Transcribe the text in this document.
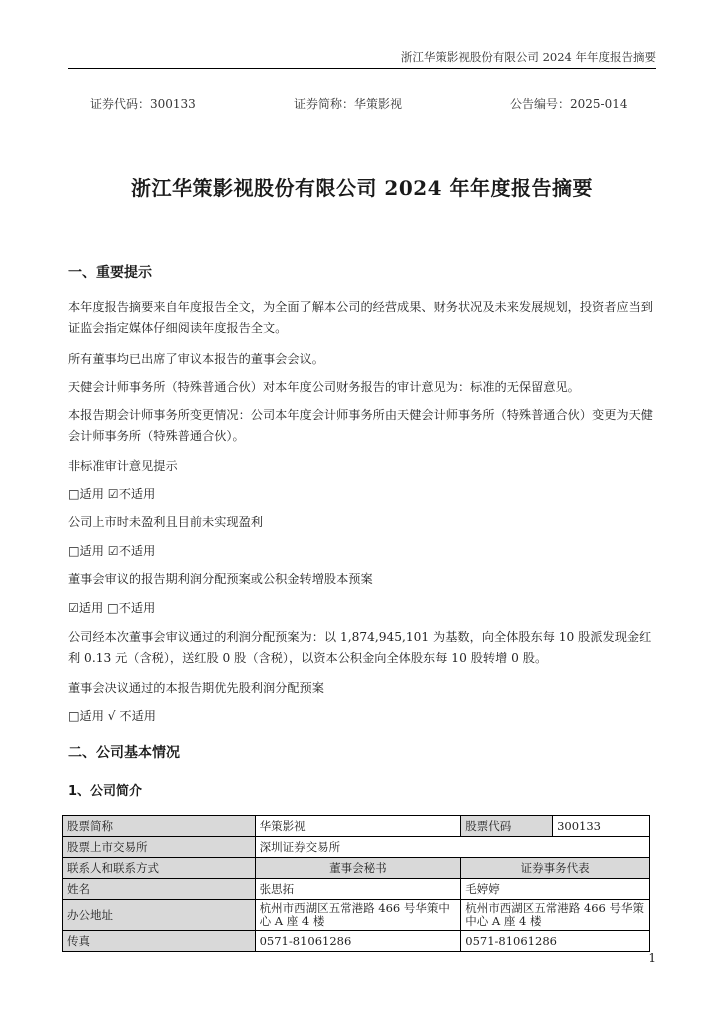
浙江华策影视股份有限公司 2024 年年度报告摘要
证券代码：300133	证券简称：华策影视	公告编号：2025-014
浙江华策影视股份有限公司 2024 年年度报告摘要
一、重要提示
本年度报告摘要来自年度报告全文，为全面了解本公司的经营成果、财务状况及未来发展规划，投资者应当到证监会指定媒体仔细阅读年度报告全文。
所有董事均已出席了审议本报告的董事会会议。
天健会计师事务所（特殊普通合伙）对本年度公司财务报告的审计意见为：标准的无保留意见。
本报告期会计师事务所变更情况：公司本年度会计师事务所由天健会计师事务所（特殊普通合伙）变更为天健会计师事务所（特殊普通合伙）。
非标准审计意见提示
□适用 ☑不适用
公司上市时未盈利且目前未实现盈利
□适用 ☑不适用
董事会审议的报告期利润分配预案或公积金转增股本预案
☑适用 □不适用
公司经本次董事会审议通过的利润分配预案为：以 1,874,945,101 为基数，向全体股东每 10 股派发现金红利 0.13 元（含税），送红股 0 股（含税），以资本公积金向全体股东每 10 股转增 0 股。
董事会决议通过的本报告期优先股利润分配预案
□适用 √ 不适用
二、公司基本情况
1、公司简介
股票简称	华策影视	股票代码	300133
股票上市交易所	深圳证券交易所		
联系人和联系方式	董事会秘书	证券事务代表	
姓名	张思拓	毛婷婷	
办公地址	杭州市西湖区五常港路 466 号华策中心 A 座 4 楼	杭州市西湖区五常港路 466 号华策中心 A 座 4 楼	
传真	0571-81061286	0571-81061286	
1
